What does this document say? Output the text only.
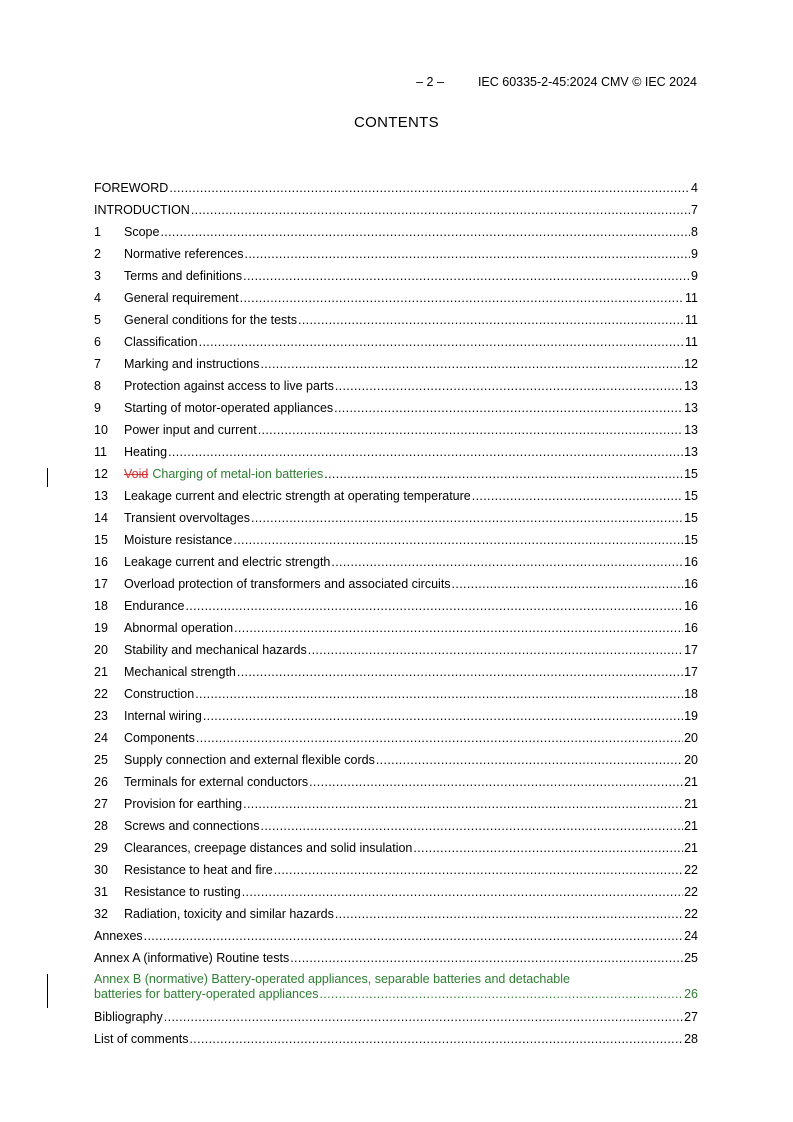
– 2 –	IEC 60335-2-45:2024 CMV © IEC 2024
CONTENTS
FOREWORD .....	4
INTRODUCTION .....	7
1	Scope .....	8
2	Normative references .....	9
3	Terms and definitions .....	9
4	General requirement .....	11
5	General conditions for the tests .....	11
6	Classification .....	11
7	Marking and instructions .....	12
8	Protection against access to live parts .....	13
9	Starting of motor-operated appliances .....	13
10	Power input and current .....	13
11	Heating .....	13
12	Void Charging of metal-ion batteries .....	15
13	Leakage current and electric strength at operating temperature .....	15
14	Transient overvoltages .....	15
15	Moisture resistance .....	15
16	Leakage current and electric strength .....	16
17	Overload protection of transformers and associated circuits .....	16
18	Endurance .....	16
19	Abnormal operation .....	16
20	Stability and mechanical hazards .....	17
21	Mechanical strength .....	17
22	Construction .....	18
23	Internal wiring .....	19
24	Components .....	20
25	Supply connection and external flexible cords .....	20
26	Terminals for external conductors .....	21
27	Provision for earthing .....	21
28	Screws and connections .....	21
29	Clearances, creepage distances and solid insulation .....	21
30	Resistance to heat and fire .....	22
31	Resistance to rusting .....	22
32	Radiation, toxicity and similar hazards .....	22
Annexes .....	24
Annex A (informative) Routine tests .....	25
Annex B (normative) Battery-operated appliances, separable batteries and detachable
batteries for battery-operated appliances .....	26
Bibliography .....	27
List of comments .....	28
